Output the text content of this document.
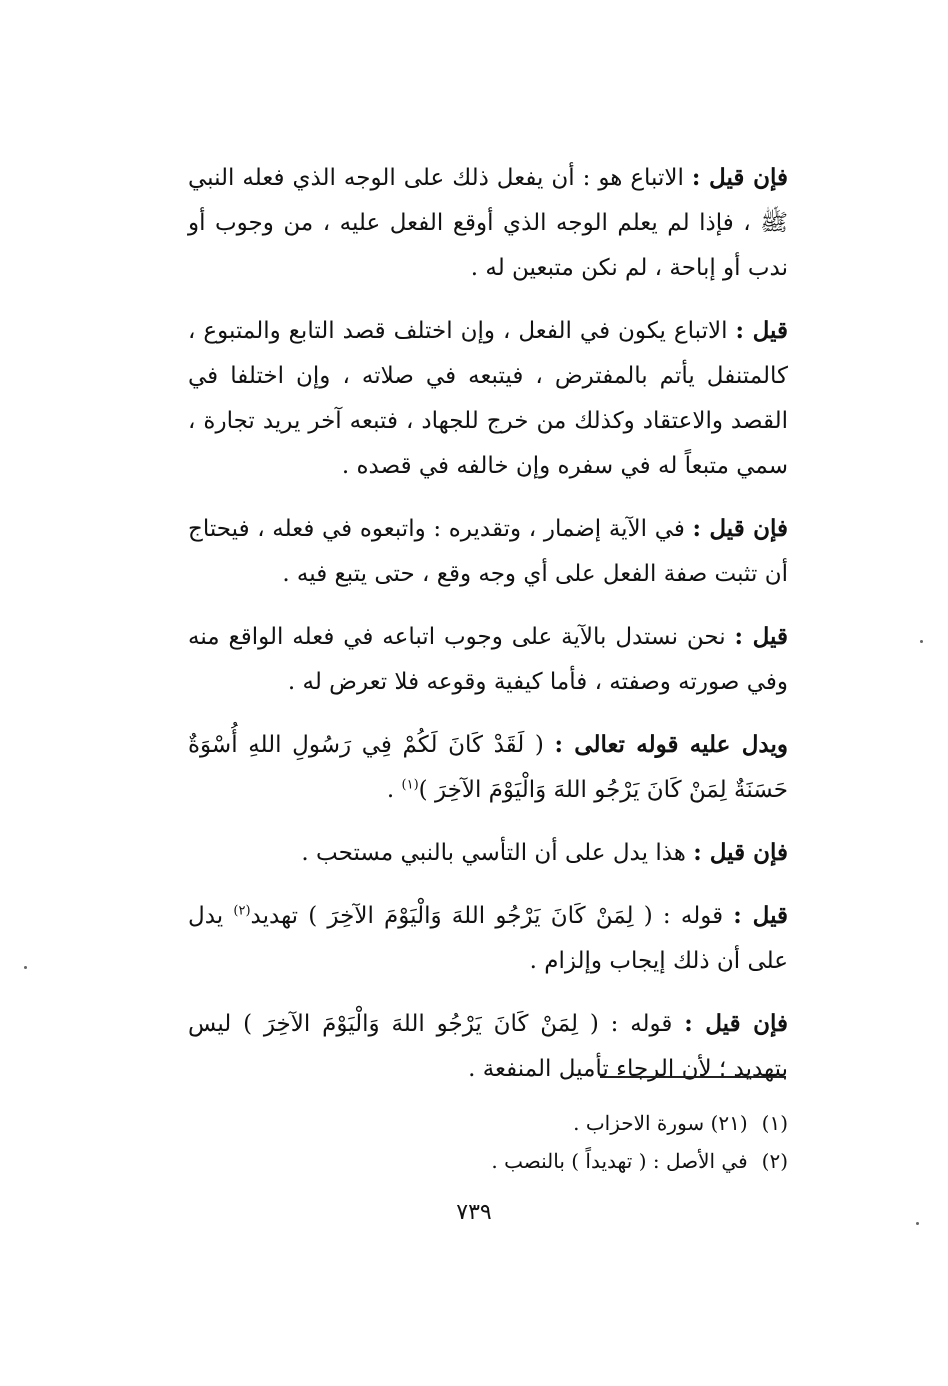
فإن قيل : الاتباع هو : أن يفعل ذلك على الوجه الذي فعله النبي ﷺ ، فإذا لم يعلم الوجه الذي أوقع الفعل عليه ، من وجوب أو ندب أو إباحة ، لم نكن متبعين له .

قيل : الاتباع يكون في الفعل ، وإن اختلف قصد التابع والمتبوع ، كالمتنفل يأتم بالمفترض ، فيتبعه في صلاته ، وإن اختلفا في القصد والاعتقاد وكذلك من خرج للجهاد ، فتبعه آخر يريد تجارة ، سمي متبعاً له في سفره وإن خالفه في قصده .

فإن قيل : في الآية إضمار ، وتقديره : واتبعوه في فعله ، فيحتاج أن تثبت صفة الفعل على أي وجه وقع ، حتى يتبع فيه .

قيل : نحن نستدل بالآية على وجوب اتباعه في فعله الواقع منه وفي صورته وصفته ، فأما كيفية وقوعه فلا تعرض له .

ويدل عليه قوله تعالى : ( لَقَدْ كَانَ لَكُمْ فِي رَسُولِ اللهِ أُسْوَةٌ حَسَنَةٌ لِمَنْ كَانَ يَرْجُو اللهَ وَالْيَوْمَ الآخِرَ )$^{(١)}$ .

فإن قيل : هذا يدل على أن التأسي بالنبي مستحب .

قيل : قوله : ( لِمَنْ كَانَ يَرْجُو اللهَ وَالْيَوْمَ الآخِرَ ) تهديد$^{(٢)}$ يدل على أن ذلك إيجاب وإلزام .

فإن قيل : قوله : ( لِمَنْ كَانَ يَرْجُو اللهَ وَالْيَوْمَ الآخِرَ ) ليس بتهديد ؛ لأن الرجاء تأميل المنفعة .

(١)(٢١) سورة الاحزاب .
(٢)في الأصل : ( تهديداً ) بالنصب .
٧٣٩
